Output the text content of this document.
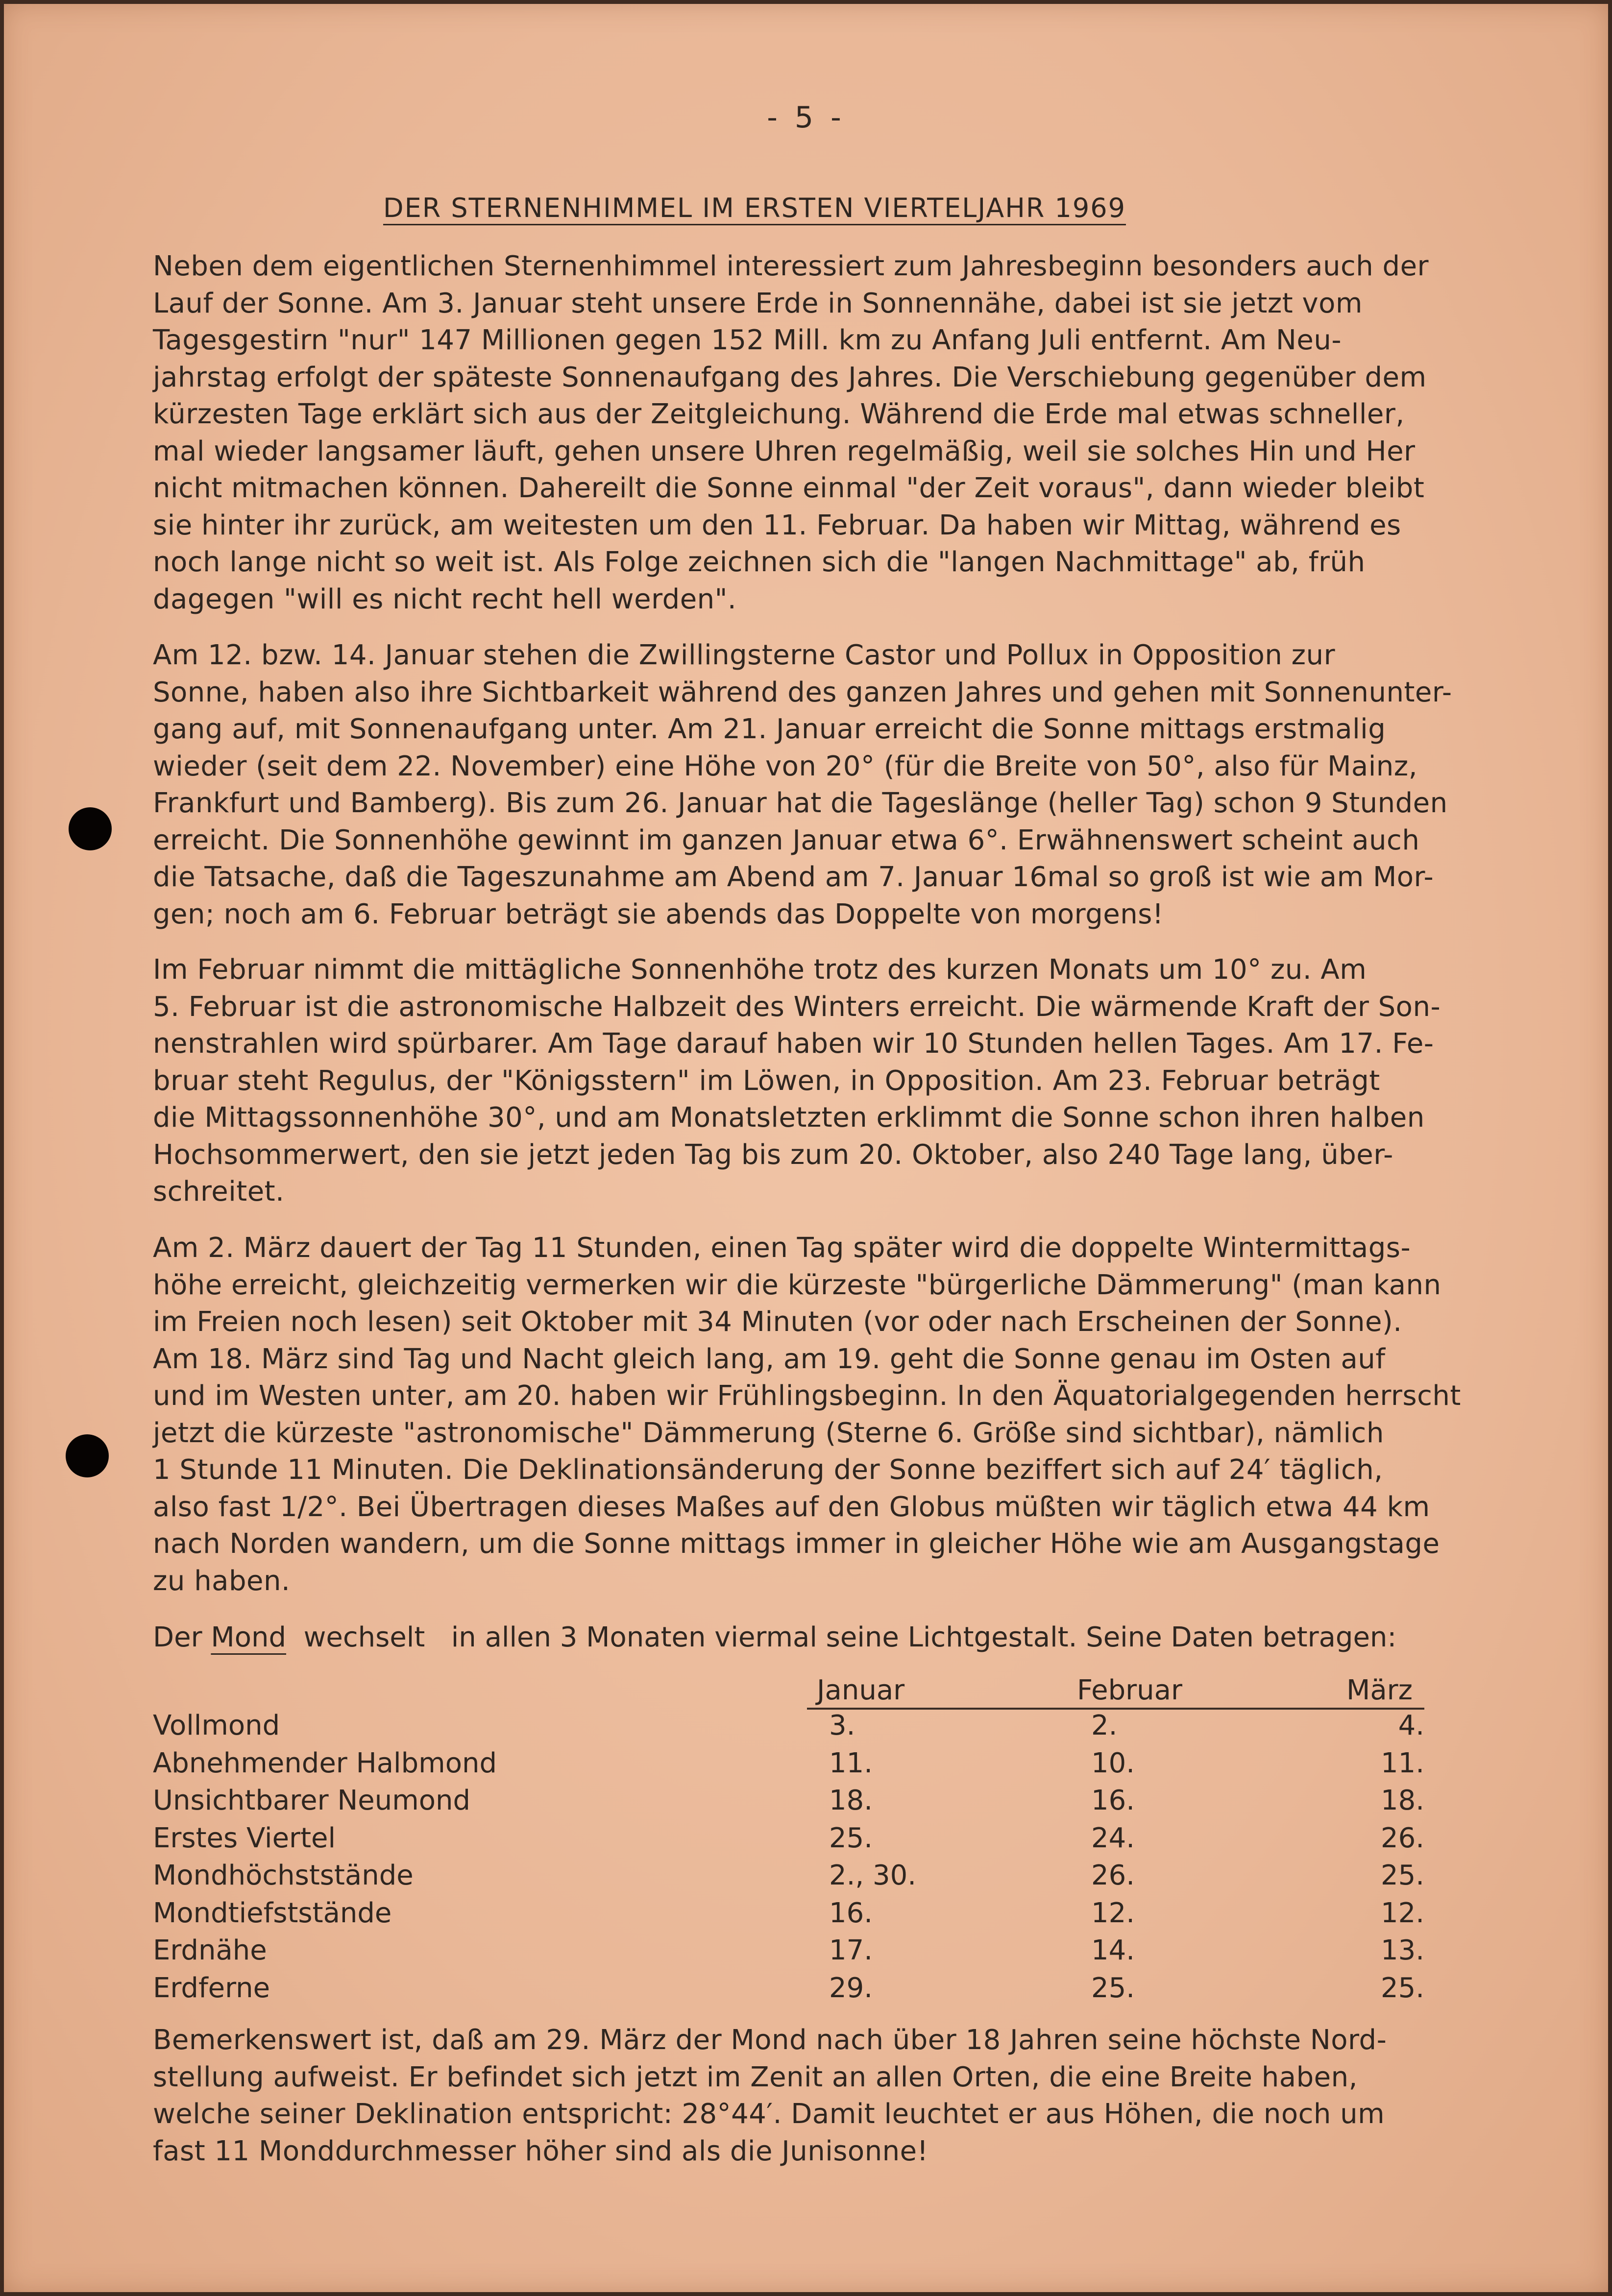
- 5 -
DER STERNENHIMMEL IM ERSTEN VIERTELJAHR 1969
Neben dem eigentlichen Sternenhimmel interessiert zum Jahresbeginn besonders auch der
Lauf der Sonne. Am 3. Januar steht unsere Erde in Sonnennähe, dabei ist sie jetzt vom
Tagesgestirn "nur" 147 Millionen gegen 152 Mill. km zu Anfang Juli entfernt. Am Neu-
jahrstag erfolgt der späteste Sonnenaufgang des Jahres. Die Verschiebung gegenüber dem
kürzesten Tage erklärt sich aus der Zeitgleichung. Während die Erde mal etwas schneller,
mal wieder langsamer läuft, gehen unsere Uhren regelmäßig, weil sie solches Hin und Her
nicht mitmachen können. Dahereilt die Sonne einmal "der Zeit voraus", dann wieder bleibt
sie hinter ihr zurück, am weitesten um den 11. Februar. Da haben wir Mittag, während es
noch lange nicht so weit ist. Als Folge zeichnen sich die "langen Nachmittage" ab, früh
dagegen "will es nicht recht hell werden".
Am 12. bzw. 14. Januar stehen die Zwillingsterne Castor und Pollux in Opposition zur
Sonne, haben also ihre Sichtbarkeit während des ganzen Jahres und gehen mit Sonnenunter-
gang auf, mit Sonnenaufgang unter. Am 21. Januar erreicht die Sonne mittags erstmalig
wieder (seit dem 22. November) eine Höhe von 20° (für die Breite von 50°, also für Mainz,
Frankfurt und Bamberg). Bis zum 26. Januar hat die Tageslänge (heller Tag) schon 9 Stunden
erreicht. Die Sonnenhöhe gewinnt im ganzen Januar etwa 6°. Erwähnenswert scheint auch
die Tatsache, daß die Tageszunahme am Abend am 7. Januar 16mal so groß ist wie am Mor-
gen; noch am 6. Februar beträgt sie abends das Doppelte von morgens!
Im Februar nimmt die mittägliche Sonnenhöhe trotz des kurzen Monats um 10° zu. Am
5. Februar ist die astronomische Halbzeit des Winters erreicht. Die wärmende Kraft der Son-
nenstrahlen wird spürbarer. Am Tage darauf haben wir 10 Stunden hellen Tages. Am 17. Fe-
bruar steht Regulus, der "Königsstern" im Löwen, in Opposition. Am 23. Februar beträgt
die Mittagssonnenhöhe 30°, und am Monatsletzten erklimmt die Sonne schon ihren halben
Hochsommerwert, den sie jetzt jeden Tag bis zum 20. Oktober, also 240 Tage lang, über-
schreitet.
Am 2. März dauert der Tag 11 Stunden, einen Tag später wird die doppelte Wintermittags-
höhe erreicht, gleichzeitig vermerken wir die kürzeste "bürgerliche Dämmerung" (man kann
im Freien noch lesen) seit Oktober mit 34 Minuten (vor oder nach Erscheinen der Sonne).
Am 18. März sind Tag und Nacht gleich lang, am 19. geht die Sonne genau im Osten auf
und im Westen unter, am 20. haben wir Frühlingsbeginn. In den Äquatorialgegenden herrscht
jetzt die kürzeste "astronomische" Dämmerung (Sterne 6. Größe sind sichtbar), nämlich
1 Stunde 11 Minuten. Die Deklinationsänderung der Sonne beziffert sich auf 24′ täglich,
also fast 1/2°. Bei Übertragen dieses Maßes auf den Globus müßten wir täglich etwa 44 km
nach Norden wandern, um die Sonne mittags immer in gleicher Höhe wie am Ausgangstage
zu haben.
Der Mond  wechselt   in allen 3 Monaten viermal seine Lichtgestalt. Seine Daten betragen:
Januar	Februar	März
Vollmond	3.	2.	4.
Abnehmender Halbmond	11.	10.	11.
Unsichtbarer Neumond	18.	16.	18.
Erstes Viertel	25.	24.	26.
Mondhöchststände	2., 30.	26.	25.
Mondtiefststände	16.	12.	12.
Erdnähe	17.	14.	13.
Erdferne	29.	25.	25.
Bemerkenswert ist, daß am 29. März der Mond nach über 18 Jahren seine höchste Nord-
stellung aufweist. Er befindet sich jetzt im Zenit an allen Orten, die eine Breite haben,
welche seiner Deklination entspricht: 28°44′. Damit leuchtet er aus Höhen, die noch um
fast 11 Monddurchmesser höher sind als die Junisonne!
